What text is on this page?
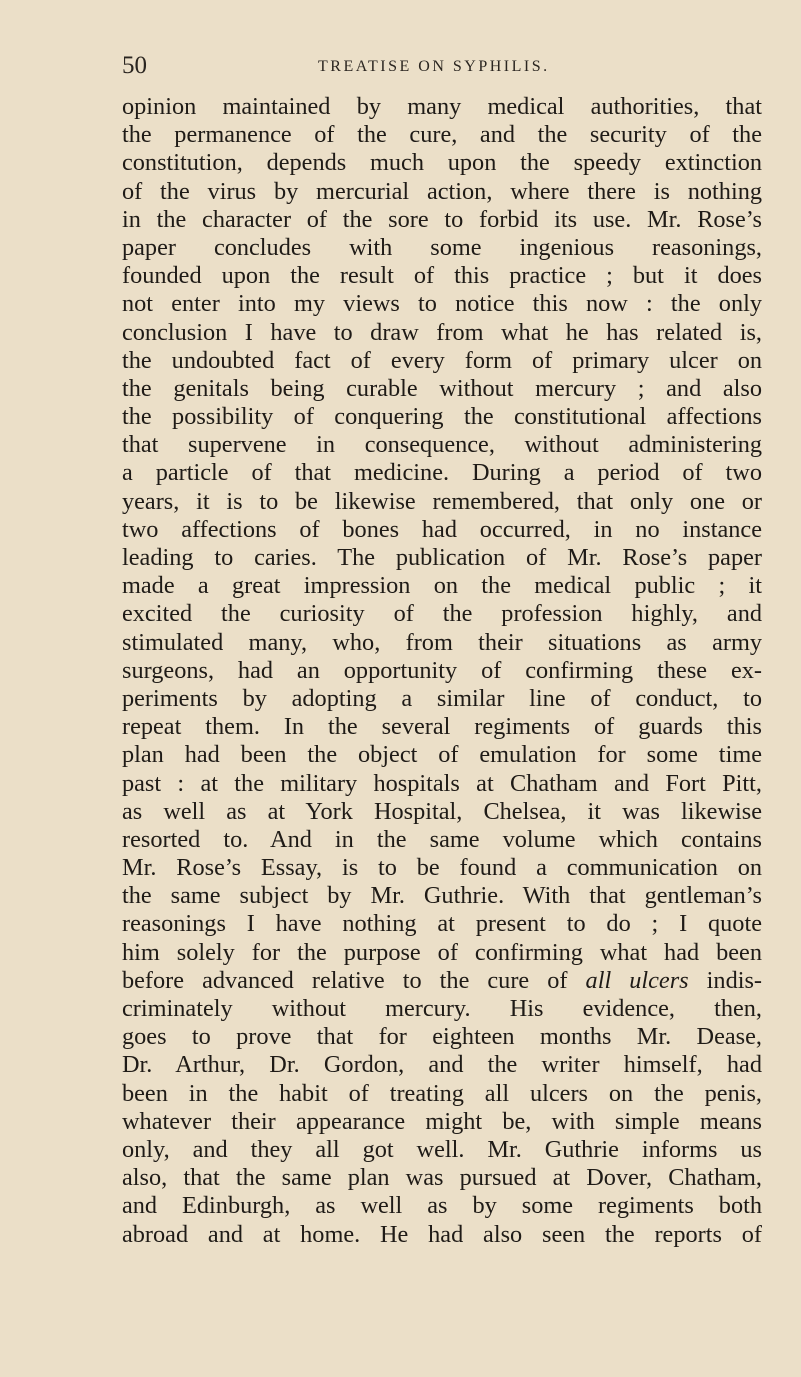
50	TREATISE ON SYPHILIS.
opinion maintained by many medical authorities, that
the permanence of the cure, and the security of the
constitution, depends much upon the speedy extinction
of the virus by mercurial action, where there is nothing
in the character of the sore to forbid its use. Mr. Rose’s
paper concludes with some ingenious reasonings,
founded upon the result of this practice ; but it does
not enter into my views to notice this now : the only
conclusion I have to draw from what he has related is,
the undoubted fact of every form of primary ulcer on
the genitals being curable without mercury ; and also
the possibility of conquering the constitutional affections
that supervene in consequence, without administering
a particle of that medicine. During a period of two
years, it is to be likewise remembered, that only one or
two affections of bones had occurred, in no instance
leading to caries. The publication of Mr. Rose’s paper
made a great impression on the medical public ; it
excited the curiosity of the profession highly, and
stimulated many, who, from their situations as army
surgeons, had an opportunity of confirming these ex-
periments by adopting a similar line of conduct, to
repeat them. In the several regiments of guards this
plan had been the object of emulation for some time
past : at the military hospitals at Chatham and Fort Pitt,
as well as at York Hospital, Chelsea, it was likewise
resorted to. And in the same volume which contains
Mr. Rose’s Essay, is to be found a communication on
the same subject by Mr. Guthrie. With that gentleman’s
reasonings I have nothing at present to do ; I quote
him solely for the purpose of confirming what had been
before advanced relative to the cure of all ulcers indis-
criminately without mercury. His evidence, then,
goes to prove that for eighteen months Mr. Dease,
Dr. Arthur, Dr. Gordon, and the writer himself, had
been in the habit of treating all ulcers on the penis,
whatever their appearance might be, with simple means
only, and they all got well. Mr. Guthrie informs us
also, that the same plan was pursued at Dover, Chatham,
and Edinburgh, as well as by some regiments both
abroad and at home. He had also seen the reports of
